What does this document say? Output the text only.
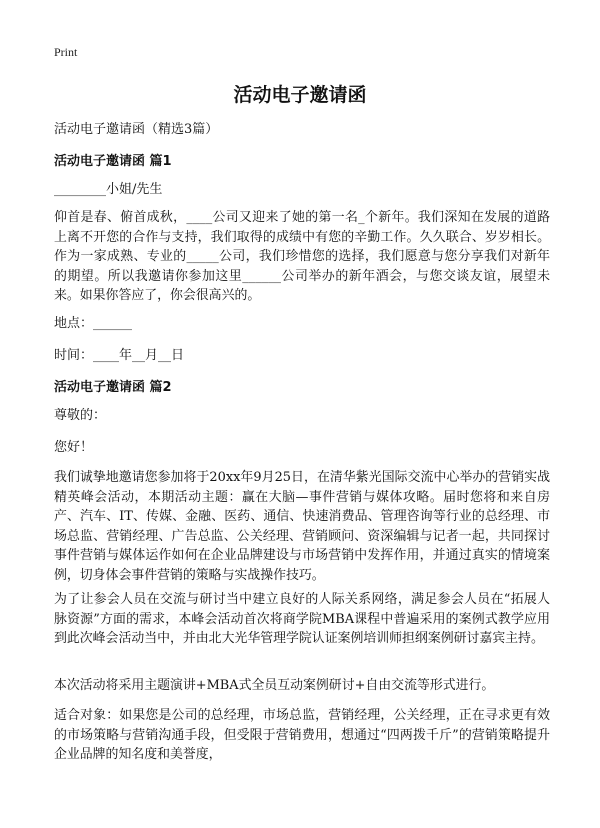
Print
活动电子邀请函
活动电子邀请函（精选3篇）
活动电子邀请函 篇1
________小姐/先生
仰首是春、俯首成秋，____公司又迎来了她的第一名_个新年。我们深知在发展的道路上离不开您的合作与支持，我们取得的成绩中有您的辛勤工作。久久联合、岁岁相长。作为一家成熟、专业的_____公司，我们珍惜您的选择，我们愿意与您分享我们对新年的期望。所以我邀请你参加这里______公司举办的新年酒会，与您交谈友谊，展望未来。如果你答应了，你会很高兴的。
地点：______
时间：____年__月__日
活动电子邀请函 篇2
尊敬的：
您好！
我们诚挚地邀请您参加将于20xx年9月25日，在清华紫光国际交流中心举办的营销实战精英峰会活动，本期活动主题：赢在大脑—事件营销与媒体攻略。届时您将和来自房产、汽车、IT、传媒、金融、医药、通信、快速消费品、管理咨询等行业的总经理、市场总监、营销经理、广告总监、公关经理、营销顾问、资深编辑与记者一起，共同探讨事件营销与媒体运作如何在企业品牌建设与市场营销中发挥作用，并通过真实的情境案例，切身体会事件营销的策略与实战操作技巧。
为了让参会人员在交流与研讨当中建立良好的人际关系网络，满足参会人员在“拓展人脉资源”方面的需求，本峰会活动首次将商学院MBA课程中普遍采用的案例式教学应用到此次峰会活动当中，并由北大光华管理学院认证案例培训师担纲案例研讨嘉宾主持。
本次活动将采用主题演讲+MBA式全员互动案例研讨+自由交流等形式进行。
适合对象：如果您是公司的总经理，市场总监，营销经理，公关经理，正在寻求更有效的市场策略与营销沟通手段，但受限于营销费用，想通过“四两拨千斤”的营销策略提升企业品牌的知名度和美誉度，
